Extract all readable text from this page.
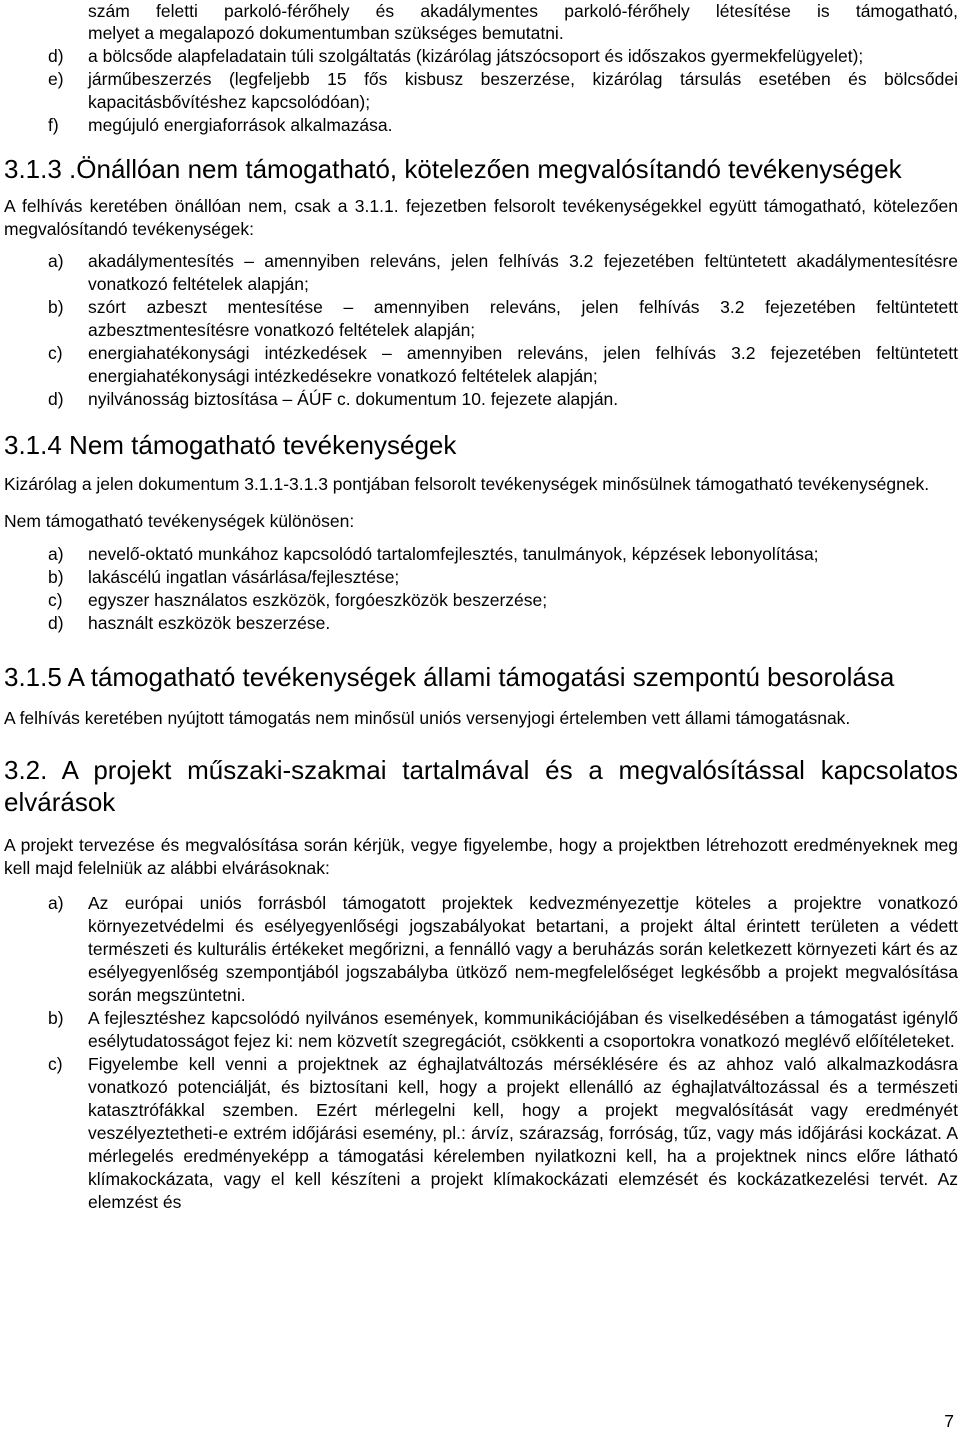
szám feletti parkoló-férőhely és akadálymentes parkoló-férőhely létesítése is támogatható,
melyet a megalapozó dokumentumban szükséges bemutatni.
d)	a bölcsőde alapfeladatain túli szolgáltatás (kizárólag játszócsoport és időszakos gyermekfelügyelet);
e)	járműbeszerzés (legfeljebb 15 fős kisbusz beszerzése, kizárólag társulás esetében és bölcsődei kapacitásbővítéshez kapcsolódóan);
f)	megújuló energiaforrások alkalmazása.
3.1.3 .Önállóan nem támogatható, kötelezően megvalósítandó tevékenységek

A felhívás keretében önállóan nem, csak a 3.1.1. fejezetben felsorolt tevékenységekkel együtt támogatható, kötelezően megvalósítandó tevékenységek:

a)	akadálymentesítés – amennyiben releváns, jelen felhívás 3.2 fejezetében feltüntetett akadálymentesítésre vonatkozó feltételek alapján;
b)	szórt azbeszt mentesítése – amennyiben releváns, jelen felhívás 3.2 fejezetében feltüntetett azbesztmentesítésre vonatkozó feltételek alapján;
c)	energiahatékonysági intézkedések – amennyiben releváns, jelen felhívás 3.2 fejezetében feltüntetett energiahatékonysági intézkedésekre vonatkozó feltételek alapján;
d)	nyilvánosság biztosítása – ÁÚF c. dokumentum 10. fejezete alapján.
3.1.4 Nem támogatható tevékenységek

Kizárólag a jelen dokumentum 3.1.1-3.1.3 pontjában felsorolt tevékenységek minősülnek támogatható tevékenységnek.

Nem támogatható tevékenységek különösen:

a)	nevelő-oktató munkához kapcsolódó tartalomfejlesztés, tanulmányok, képzések lebonyolítása;
b)	lakáscélú ingatlan vásárlása/fejlesztése;
c)	egyszer használatos eszközök, forgóeszközök beszerzése;
d)	használt eszközök beszerzése.
3.1.5 A támogatható tevékenységek állami támogatási szempontú besorolása

A felhívás keretében nyújtott támogatás nem minősül uniós versenyjogi értelemben vett állami támogatásnak.

3.2. A projekt műszaki-szakmai tartalmával és a megvalósítással kapcsolatos elvárások

A projekt tervezése és megvalósítása során kérjük, vegye figyelembe, hogy a projektben létrehozott eredményeknek meg kell majd felelniük az alábbi elvárásoknak:

a)	Az európai uniós forrásból támogatott projektek kedvezményezettje köteles a projektre vonatkozó környezetvédelmi és esélyegyenlőségi jogszabályokat betartani, a projekt által érintett területen a védett természeti és kulturális értékeket megőrizni, a fennálló vagy a beruházás során keletkezett környezeti kárt és az esélyegyenlőség szempontjából jogszabályba ütköző nem-megfelelőséget legkésőbb a projekt megvalósítása során megszüntetni.
b)	A fejlesztéshez kapcsolódó nyilvános események, kommunikációjában és viselkedésében a támogatást igénylő esélytudatosságot fejez ki: nem közvetít szegregációt, csökkenti a csoportokra vonatkozó meglévő előítéleteket.
c)	Figyelembe kell venni a projektnek az éghajlatváltozás mérséklésére és az ahhoz való alkalmazkodásra vonatkozó potenciálját, és biztosítani kell, hogy a projekt ellenálló az éghajlatváltozással és a természeti katasztrófákkal szemben. Ezért mérlegelni kell, hogy a projekt megvalósítását vagy eredményét veszélyeztetheti-e extrém időjárási esemény, pl.: árvíz, szárazság, forróság, tűz, vagy más időjárási kockázat. A mérlegelés eredményeképp a támogatási kérelemben nyilatkozni kell, ha a projektnek nincs előre látható klímakockázata, vagy el kell készíteni a projekt klímakockázati elemzését és kockázatkezelési tervét. Az elemzést és
7
